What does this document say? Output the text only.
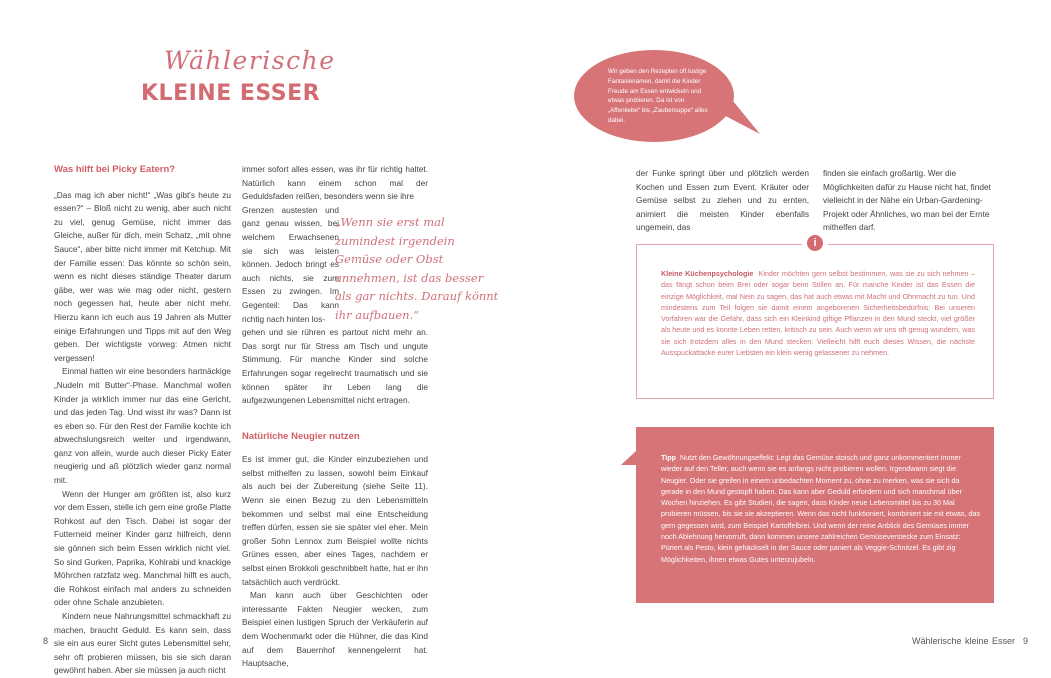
Wählerische
KLEINE ESSER

Was hilft bei Picky Eatern?

„Das mag ich aber nicht!“ „Was gibt's heute zu essen?“ – Bloß nicht zu wenig, aber auch nicht zu viel, genug Gemüse, nicht immer das Gleiche, außer für dich, mein Schatz, „mit ohne Sauce“, aber bitte nicht immer mit Ketchup. Mit der Familie essen: Das könnte so schön sein, wenn es nicht dieses ständige Theater darum gäbe, wer was wie mag oder nicht, gestern noch gegessen hat, heute aber nicht mehr. Hierzu kann ich euch aus 19 Jahren als Mutter einige Erfahrungen und Tipps mit auf den Weg geben. Der wichtigste vorweg: Atmen nicht vergessen!

Einmal hatten wir eine besonders hartnäckige „Nudeln mit Butter“-Phase. Manchmal wollen Kinder ja wirklich immer nur das eine Gericht, und das jeden Tag. Und wisst ihr was? Dann ist es eben so. Für den Rest der Familie kochte ich abwechslungsreich weiter und irgendwann, ganz von allein, wurde auch dieser Picky Eater neugierig und aß plötzlich wieder ganz normal mit.

Wenn der Hunger am größten ist, also kurz vor dem Essen, stelle ich gern eine große Platte Rohkost auf den Tisch. Dabei ist sogar der Futterneid meiner Kinder ganz hilfreich, denn sie gönnen sich beim Essen wirklich nicht viel. So sind Gurken, Paprika, Kohlrabi und knackige Möhrchen ratzfatz weg. Manchmal hilft es auch, die Rohkost einfach mal anders zu schneiden oder ohne Schale anzubieten.

Kindern neue Nahrungsmittel schmackhaft zu machen, braucht Geduld. Es kann sein, dass sie ein aus eurer Sicht gutes Lebensmittel sehr, sehr oft probieren müssen, bis sie sich daran gewöhnt haben. Aber sie müssen ja auch nicht

immer sofort alles essen, was ihr für richtig haltet. Natürlich kann einem schon mal der Geduldsfaden reißen, besonders wenn sie ihre

Grenzen austesten und ganz genau wissen, bei welchem Erwachsenen sie sich was leisten können. Jedoch bringt es auch nichts, sie zum Essen zu zwingen. Im Gegenteil: Das kann richtig nach hinten los-

gehen und sie rühren es partout nicht mehr an. Das sorgt nur für Stress am Tisch und ungute Stimmung. Für manche Kinder sind solche Erfahrungen sogar regelrecht traumatisch und sie können später ihr Leben lang die aufgezwungenen Lebensmittel nicht ertragen.

Natürliche Neugier nutzen

Es ist immer gut, die Kinder einzubeziehen und selbst mithelfen zu lassen, sowohl beim Einkauf als auch bei der Zubereitung (siehe Seite 11). Wenn sie einen Bezug zu den Lebensmitteln bekommen und selbst mal eine Entscheidung treffen dürfen, essen sie sie später viel eher. Mein großer Sohn Lennox zum Beispiel wollte nichts Grünes essen, aber eines Tages, nachdem er selbst einen Brokkoli geschnibbelt hatte, hat er ihn tatsächlich auch verdrückt.

Man kann auch über Geschichten oder interessante Fakten Neugier wecken, zum Beispiel einen lustigen Spruch der Verkäuferin auf dem Wochenmarkt oder die Hühner, die das Kind auf dem Bauernhof kennengelernt hat. Hauptsache,

„Wenn sie erst mal zumindest irgendein Gemüse oder Obst annehmen, ist das besser als gar nichts. Darauf könnt ihr aufbauen.“
Wir geben den Rezepten oft lustige Fantasienamen, damit die Kinder Freude am Essen entwickeln und etwas probieren. Da ist von „Affenliebe“ bis „Zaubersuppe“ alles dabei.

der Funke springt über und plötzlich werden Kochen und Essen zum Event. Kräuter oder Gemüse selbst zu ziehen und zu ernten, animiert die meisten Kinder ebenfalls ungemein, das

finden sie einfach großartig. Wer die Möglichkeiten dafür zu Hause nicht hat, findet vielleicht in der Nähe ein Urban-Gardening-Projekt oder Ähnliches, wo man bei der Ernte mithelfen darf.

i
Kleine Küchenpsychologie Kinder möchten gern selbst bestimmen, was sie zu sich nehmen – das fängt schon beim Brei oder sogar beim Stillen an. Für manche Kinder ist das Essen die einzige Möglichkeit, mal Nein zu sagen, das hat auch etwas mit Macht und Ohnmacht zu tun. Und mindestens zum Teil folgen sie damit einem angeborenen Sicherheitsbedürfnis: Bei unseren Vorfahren war die Gefahr, dass sich ein Kleinkind giftige Pflanzen in den Mund steckt, viel größer als heute und es konnte Leben retten, kritisch zu sein. Auch wenn wir uns oft genug wundern, was sie sich trotzdem alles in den Mund stecken: Vielleicht hilft euch dieses Wissen, die nächste Ausspuckattacke eurer Liebsten ein klein wenig gelassener zu nehmen.
Tipp Nutzt den Gewöhnungseffekt: Legt das Gemüse stoisch und ganz unkommentiert immer wieder auf den Teller, auch wenn sie es anfangs nicht probieren wollen. Irgendwann siegt die Neugier. Oder sie greifen in einem unbedachten Moment zu, ohne zu merken, was sie sich da gerade in den Mund gestopft haben. Das kann aber Geduld erfordern und sich manchmal über Wochen hinziehen. Es gibt Studien, die sagen, dass Kinder neue Lebensmittel bis zu 30 Mal probieren müssen, bis sie sie akzeptieren. Wenn das nicht funktioniert, kombiniert sie mit etwas, das gern gegessen wird, zum Beispiel Kartoffelbrei. Und wenn der reine Anblick des Gemüses immer noch Ablehnung hervorruft, dann kommen unsere zahlreichen Gemüseverstecke zum Einsatz: Püriert als Pesto, klein gehäckselt in der Sauce oder paniert als Veggie-Schnitzel. Es gibt zig Möglichkeiten, ihnen etwas Gutes unterzujubeln.
8	Wählerische kleine Esser 9
